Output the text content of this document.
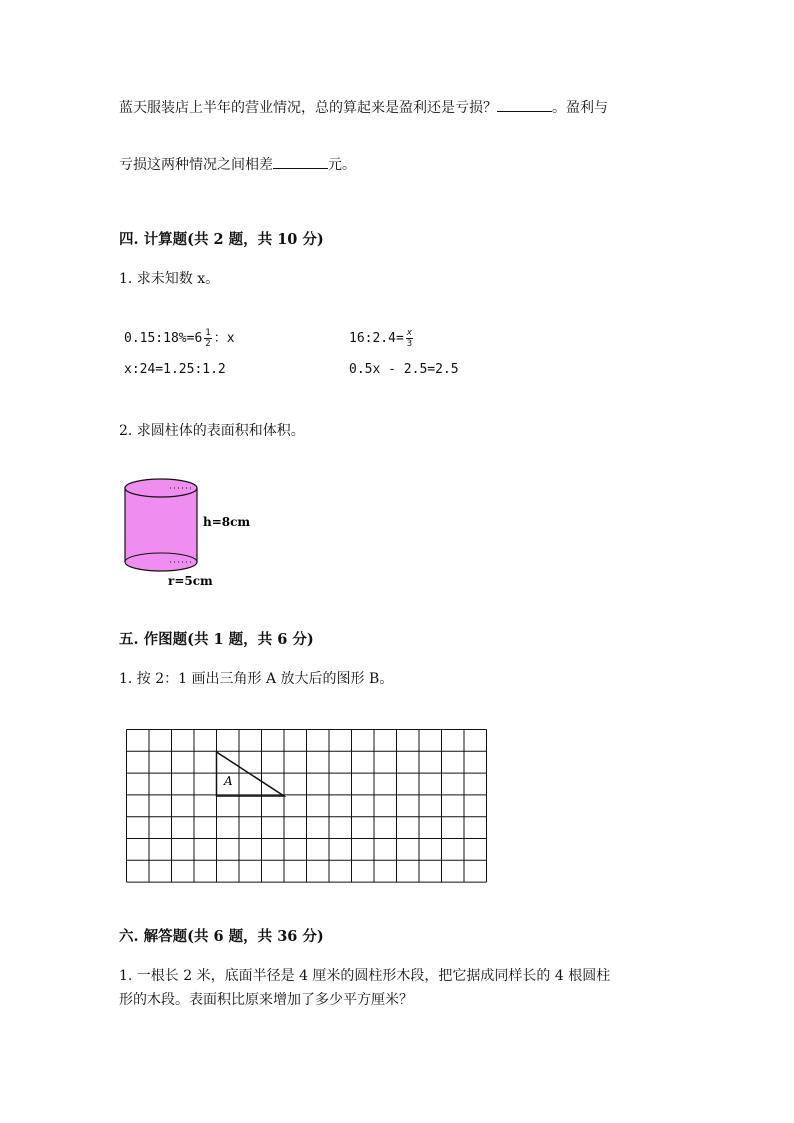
蓝天服装店上半年的营业情况，总的算起来是盈利还是亏损？	。盈利与
亏损这两种情况之间相差	元。
四. 计算题(共 2 题，共 10 分)
1. 求未知数 x。
0.15:18%=6 $\frac{1}{2}$ ：x	16:2.4= $\frac{x}{3}$
x:24=1.25:1.2	0.5x - 2.5=2.5
2. 求圆柱体的表面积和体积。
h=8cm
r=5cm
五. 作图题(共 1 题，共 6 分)
1. 按 2：1 画出三角形 A 放大后的图形 B。
A
六. 解答题(共 6 题，共 36 分)
1. 一根长 2 米，底面半径是 4 厘米的圆柱形木段，把它据成同样长的 4 根圆柱
形的木段。表面积比原来增加了多少平方厘米？
